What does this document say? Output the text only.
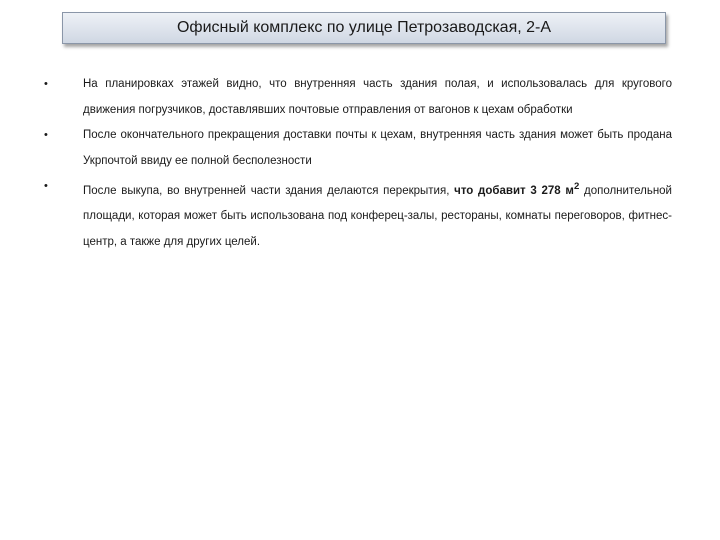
Офисный комплекс по улице Петрозаводская, 2-А
•	На планировках этажей видно, что внутренняя часть здания полая, и использовалась для кругового движения погрузчиков, доставлявших почтовые отправления от вагонов к цехам обработки
•	После окончательного прекращения доставки почты к цехам, внутренняя часть здания может быть продана Укрпочтой ввиду ее полной бесполезности
•	После выкупа, во внутренней части здания делаются перекрытия, что добавит 3 278 $м^2$ дополнительной площади, которая может быть использована под конферец-залы, рестораны, комнаты переговоров, фитнес-центр, а также для других целей.
